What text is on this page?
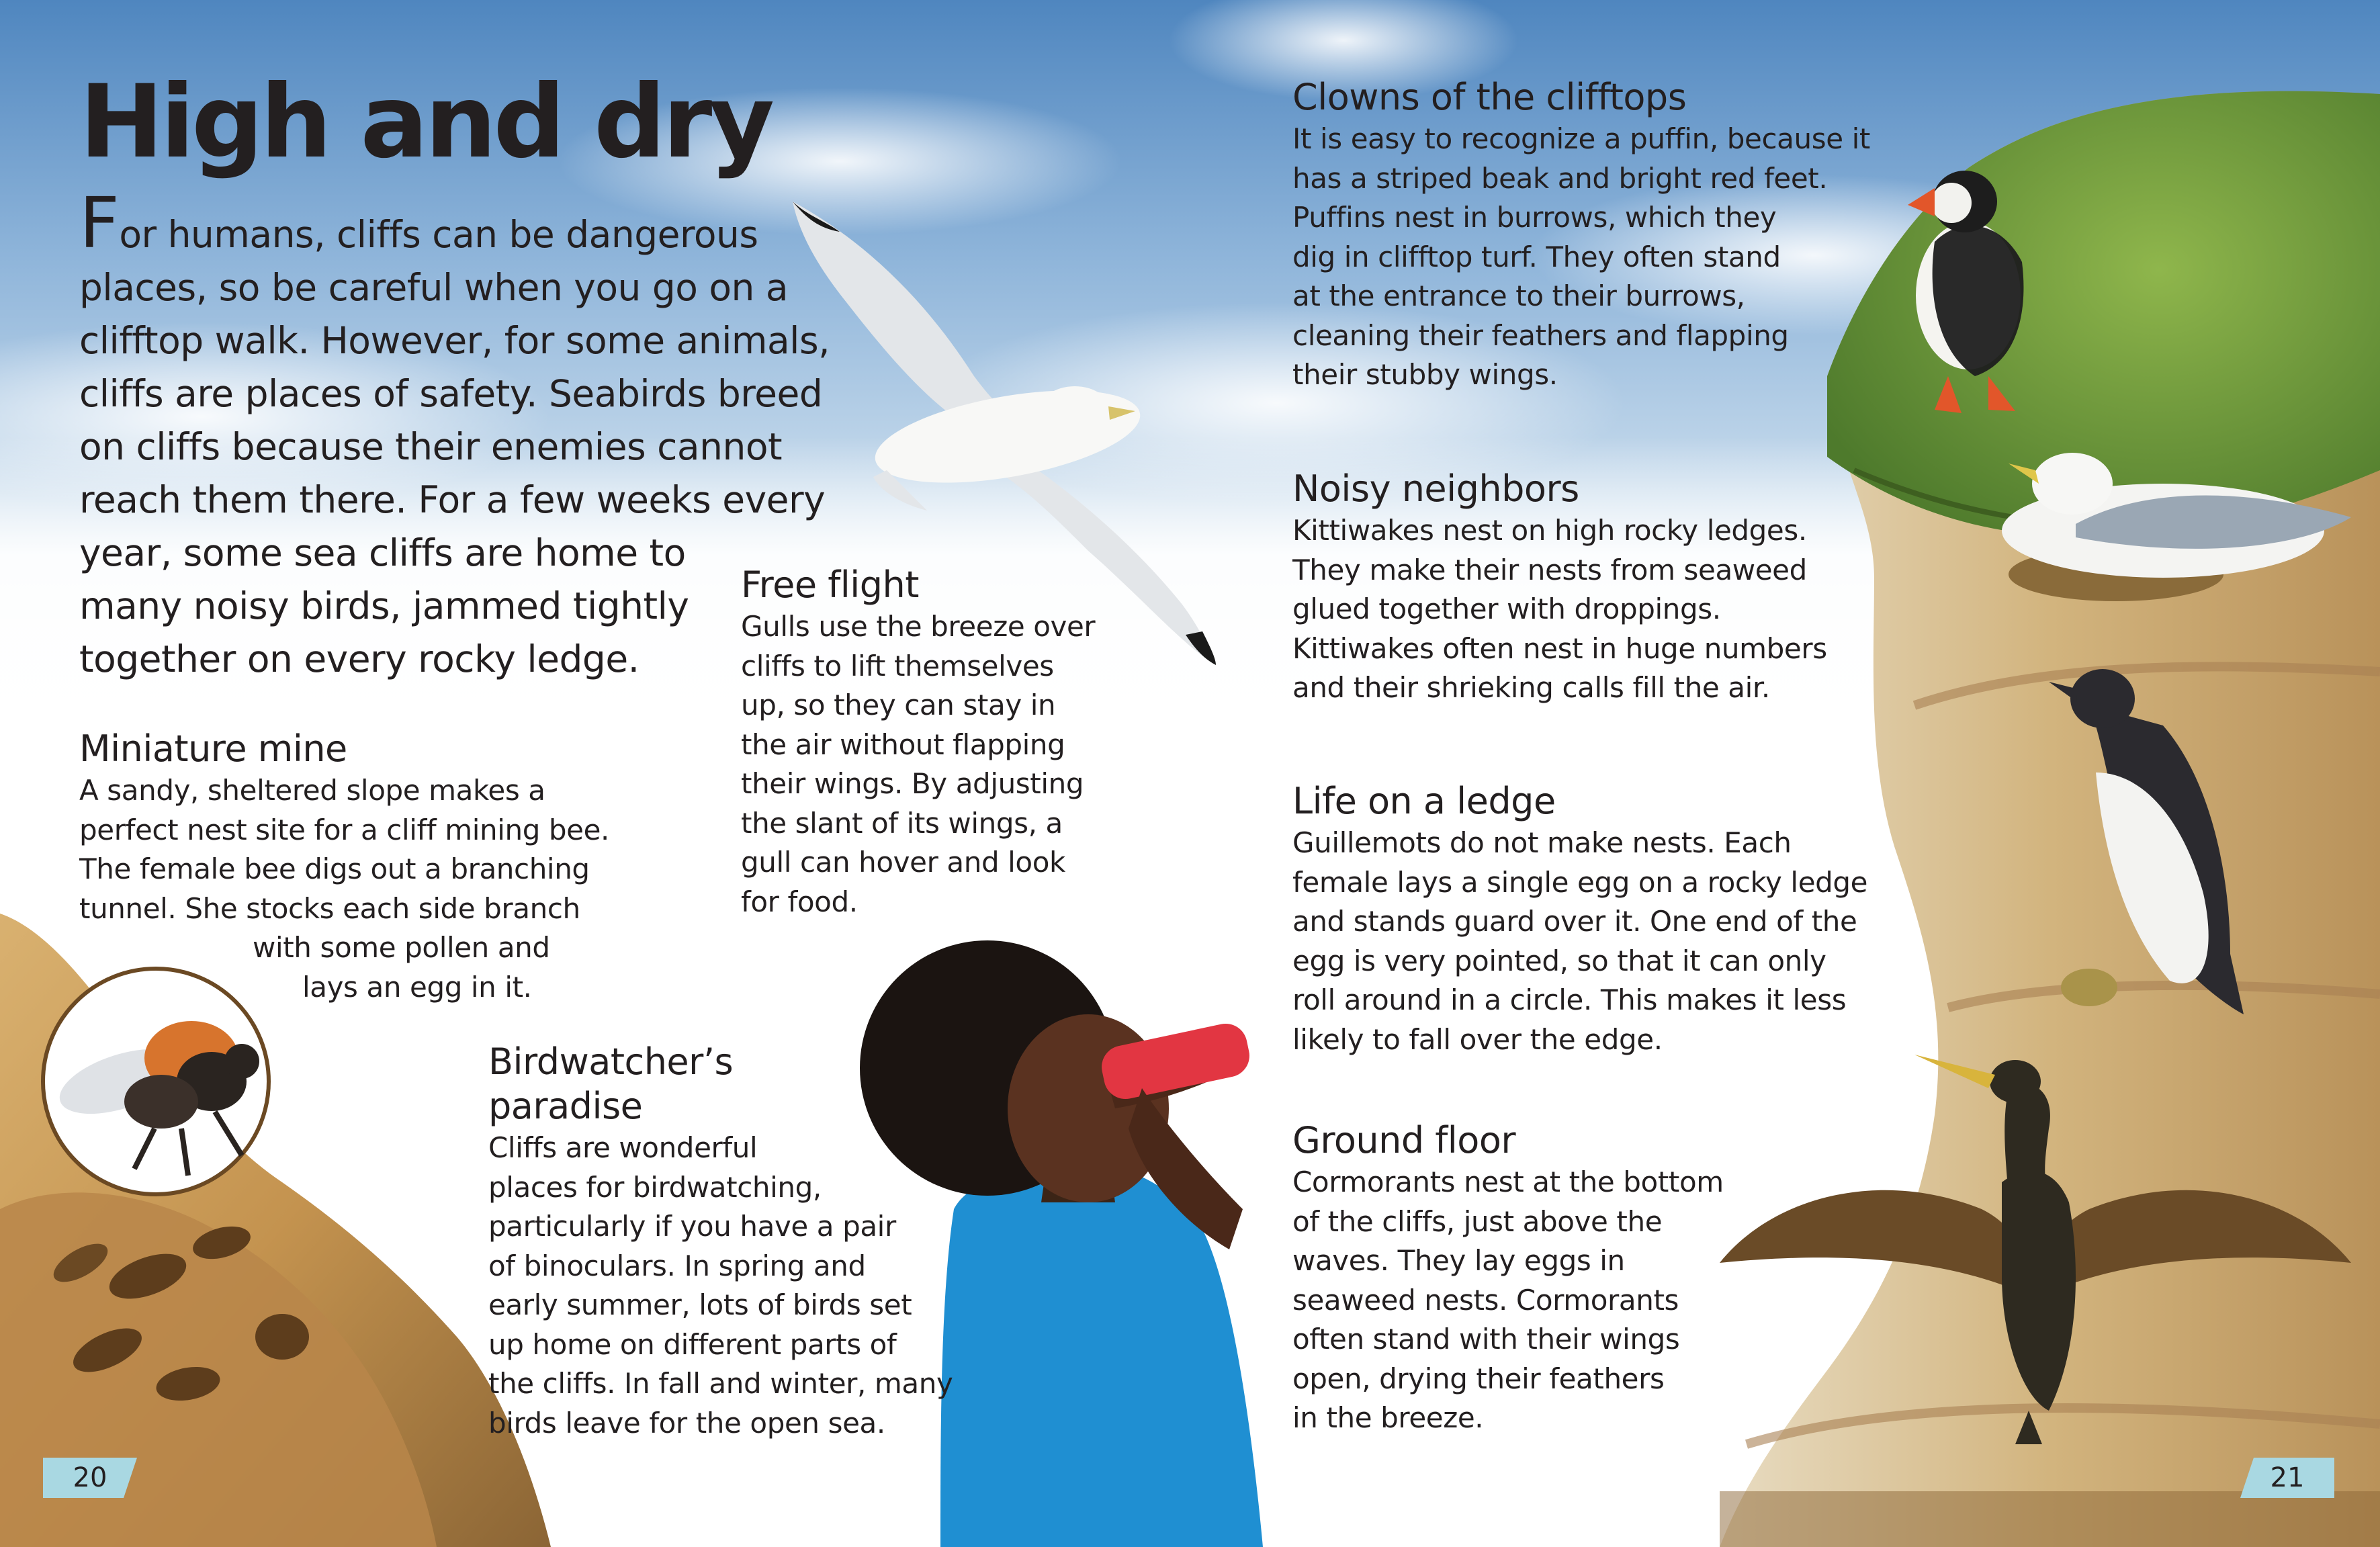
High and dry

For humans, cliffs can be dangerous
places, so be careful when you go on a
clifftop walk. However, for some animals,
cliffs are places of safety. Seabirds breed
on cliffs because their enemies cannot
reach them there. For a few weeks every
year, some sea cliffs are home to
many noisy birds, jammed tightly
together on every rocky ledge.

Miniature mine

A sandy, sheltered slope makes a
perfect nest site for a cliff mining bee.
The female bee digs out a branching
tunnel. She stocks each side branch
with some pollen and
lays an egg in it.

Free flight

Gulls use the breeze over
cliffs to lift themselves
up, so they can stay in
the air without flapping
their wings. By adjusting
the slant of its wings, a
gull can hover and look
for food.

Birdwatcher’s
paradise

Cliffs are wonderful
places for birdwatching,
particularly if you have a pair
of binoculars. In spring and
early summer, lots of birds set
up home on different parts of
the cliffs. In fall and winter, many
birds leave for the open sea.

Clowns of the clifftops

It is easy to recognize a puffin, because it
has a striped beak and bright red feet.
Puffins nest in burrows, which they
dig in clifftop turf. They often stand
at the entrance to their burrows,
cleaning their feathers and flapping
their stubby wings.

Noisy neighbors

Kittiwakes nest on high rocky ledges.
They make their nests from seaweed
glued together with droppings.
Kittiwakes often nest in huge numbers
and their shrieking calls fill the air.

Life on a ledge

Guillemots do not make nests. Each
female lays a single egg on a rocky ledge
and stands guard over it. One end of the
egg is very pointed, so that it can only
roll around in a circle. This makes it less
likely to fall over the edge.

Ground floor

Cormorants nest at the bottom
of the cliffs, just above the
waves. They lay eggs in
seaweed nests. Cormorants
often stand with their wings
open, drying their feathers
in the breeze.

20	21
